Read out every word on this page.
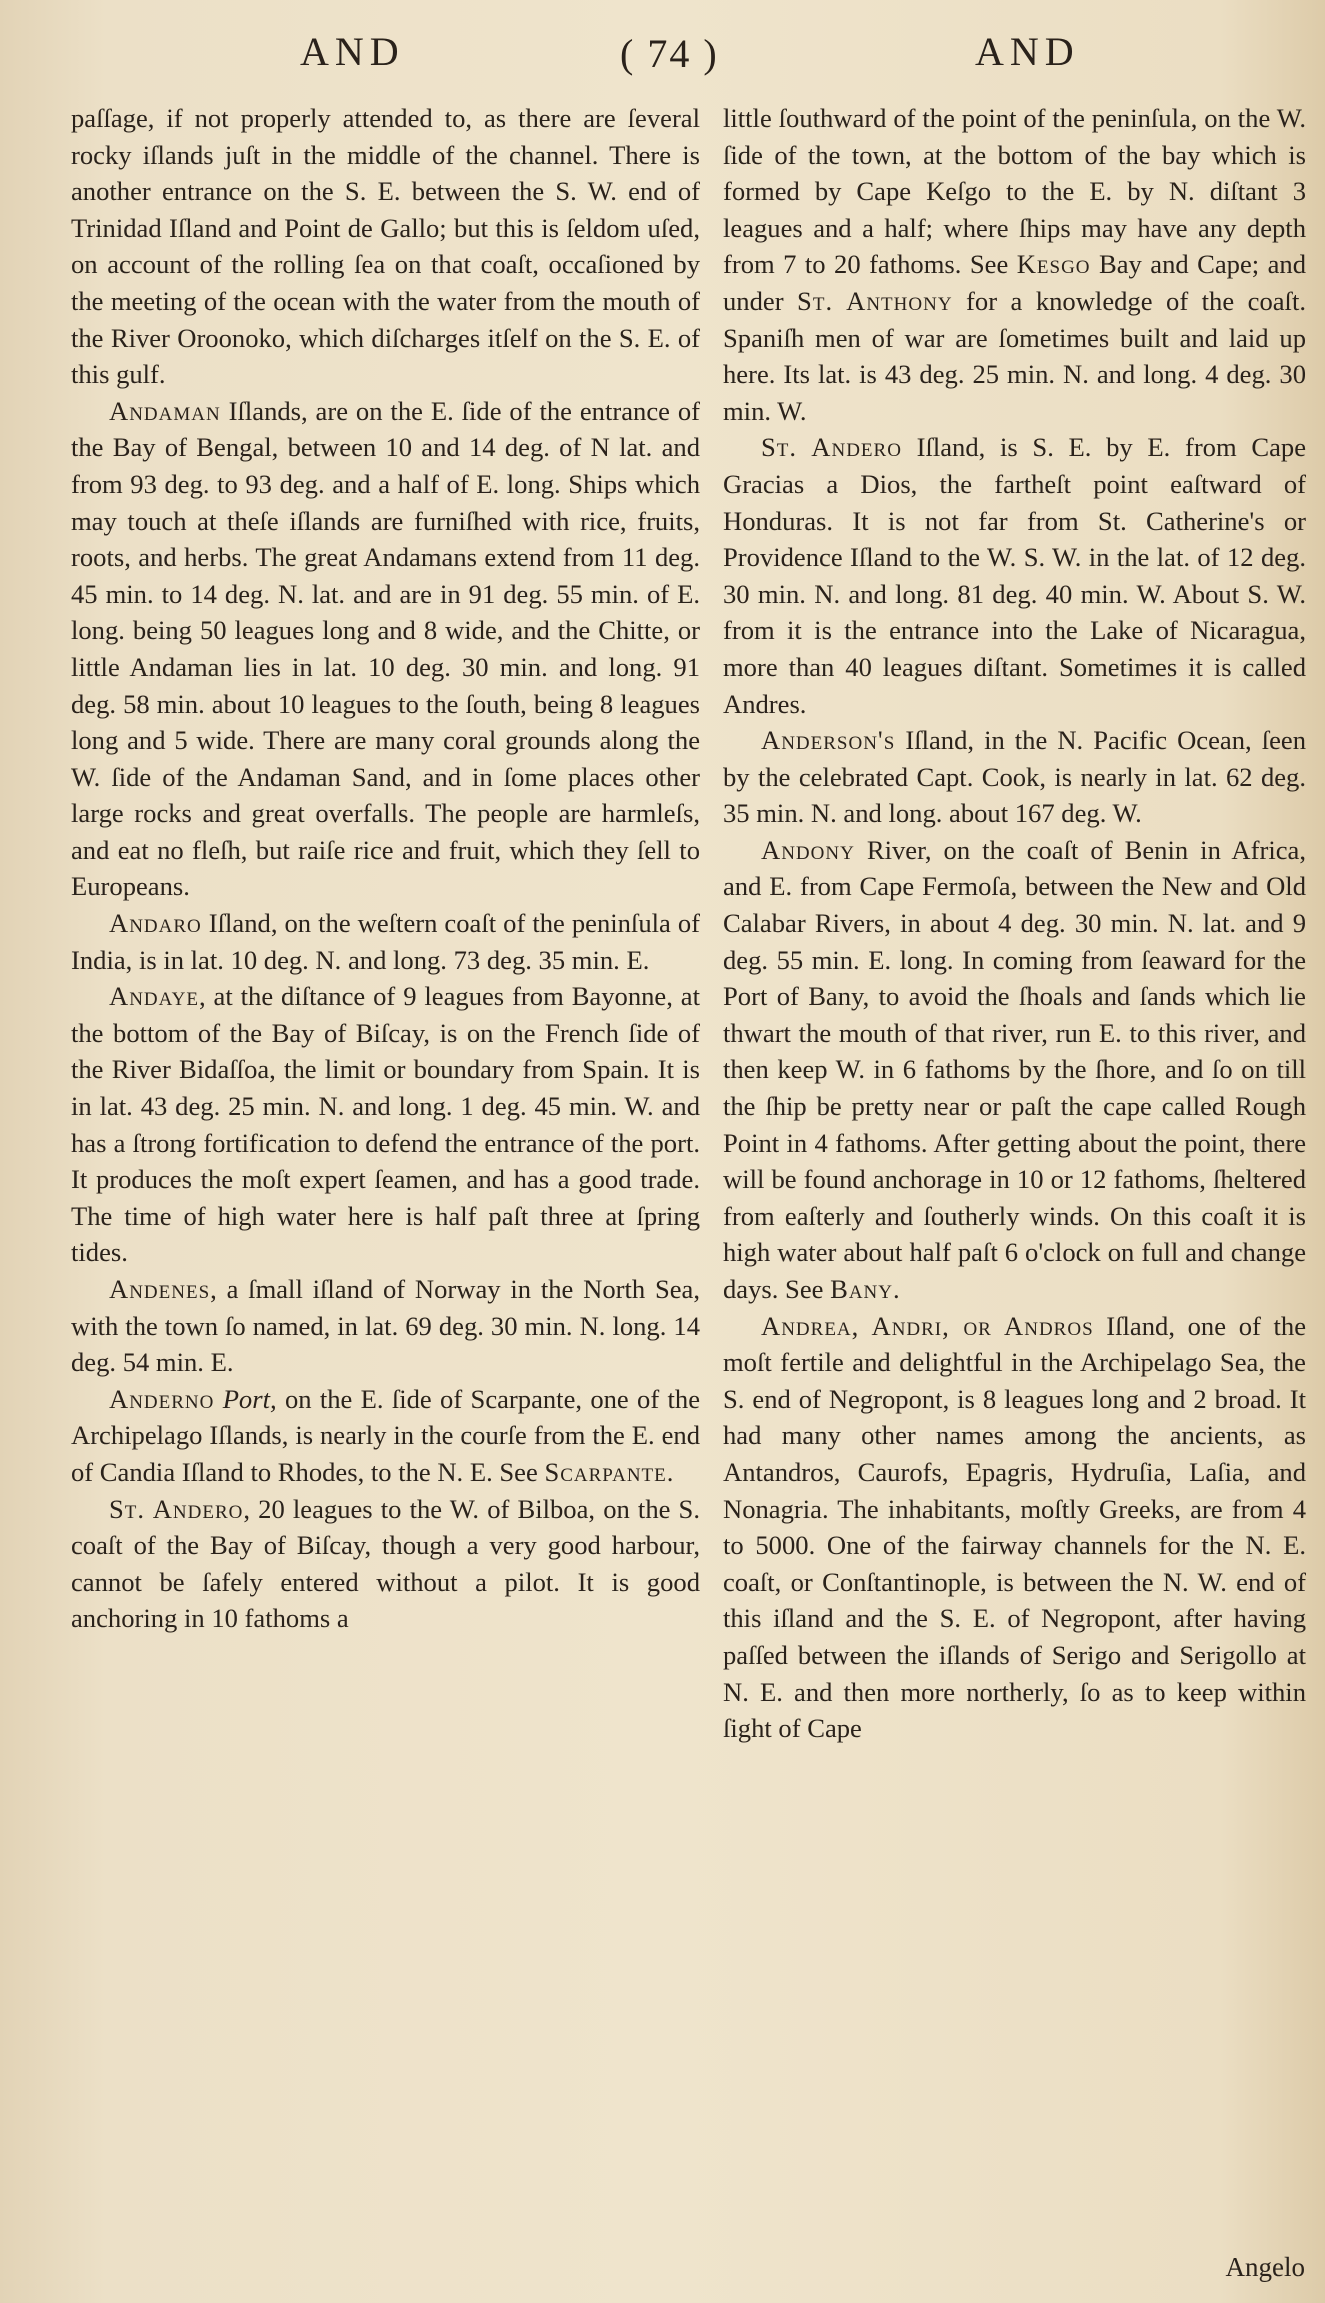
AND	( 74 )	AND

paſſage, if not properly attended to, as there are ſeveral rocky iſlands juſt in the middle of the channel. There is another entrance on the S. E. between the S. W. end of Trinidad Iſland and Point de Gallo; but this is ſeldom uſed, on account of the rolling ſea on that coaſt, occaſioned by the meeting of the ocean with the water from the mouth of the River Oroonoko, which diſcharges itſelf on the S. E. of this gulf.

Andaman Iſlands, are on the E. ſide of the entrance of the Bay of Bengal, between 10 and 14 deg. of N lat. and from 93 deg. to 93 deg. and a half of E. long. Ships which may touch at theſe iſlands are furniſhed with rice, fruits, roots, and herbs. The great Andamans extend from 11 deg. 45 min. to 14 deg. N. lat. and are in 91 deg. 55 min. of E. long. being 50 leagues long and 8 wide, and the Chitte, or little Andaman lies in lat. 10 deg. 30 min. and long. 91 deg. 58 min. about 10 leagues to the ſouth, being 8 leagues long and 5 wide. There are many coral grounds along the W. ſide of the Andaman Sand, and in ſome places other large rocks and great overfalls. The people are harmleſs, and eat no fleſh, but raiſe rice and fruit, which they ſell to Europeans.

Andaro Iſland, on the weſtern coaſt of the peninſula of India, is in lat. 10 deg. N. and long. 73 deg. 35 min. E.

Andaye, at the diſtance of 9 leagues from Bayonne, at the bottom of the Bay of Biſcay, is on the French ſide of the River Bidaſſoa, the limit or boundary from Spain. It is in lat. 43 deg. 25 min. N. and long. 1 deg. 45 min. W. and has a ſtrong fortification to defend the entrance of the port. It produces the moſt expert ſeamen, and has a good trade. The time of high water here is half paſt three at ſpring tides.

Andenes, a ſmall iſland of Norway in the North Sea, with the town ſo named, in lat. 69 deg. 30 min. N. long. 14 deg. 54 min. E.

Anderno Port, on the E. ſide of Scarpante, one of the Archipelago Iſlands, is nearly in the courſe from the E. end of Candia Iſland to Rhodes, to the N. E. See Scarpante.

St. Andero, 20 leagues to the W. of Bilboa, on the S. coaſt of the Bay of Biſcay, though a very good harbour, cannot be ſafely entered without a pilot. It is good anchoring in 10 fathoms a

little ſouthward of the point of the peninſula, on the W. ſide of the town, at the bottom of the bay which is formed by Cape Keſgo to the E. by N. diſtant 3 leagues and a half; where ſhips may have any depth from 7 to 20 fathoms. See Kesgo Bay and Cape; and under St. Anthony for a knowledge of the coaſt. Spaniſh men of war are ſometimes built and laid up here. Its lat. is 43 deg. 25 min. N. and long. 4 deg. 30 min. W.

St. Andero Iſland, is S. E. by E. from Cape Gracias a Dios, the fartheſt point eaſtward of Honduras. It is not far from St. Catherine's or Providence Iſland to the W. S. W. in the lat. of 12 deg. 30 min. N. and long. 81 deg. 40 min. W. About S. W. from it is the entrance into the Lake of Nicaragua, more than 40 leagues diſtant. Sometimes it is called Andres.

Anderson's Iſland, in the N. Pacific Ocean, ſeen by the celebrated Capt. Cook, is nearly in lat. 62 deg. 35 min. N. and long. about 167 deg. W.

Andony River, on the coaſt of Benin in Africa, and E. from Cape Fermoſa, between the New and Old Calabar Rivers, in about 4 deg. 30 min. N. lat. and 9 deg. 55 min. E. long. In coming from ſeaward for the Port of Bany, to avoid the ſhoals and ſands which lie thwart the mouth of that river, run E. to this river, and then keep W. in 6 fathoms by the ſhore, and ſo on till the ſhip be pretty near or paſt the cape called Rough Point in 4 fathoms. After getting about the point, there will be found anchorage in 10 or 12 fathoms, ſheltered from eaſterly and ſoutherly winds. On this coaſt it is high water about half paſt 6 o'clock on full and change days. See Bany.

Andrea, Andri, or Andros Iſland, one of the moſt fertile and delightful in the Archipelago Sea, the S. end of Negropont, is 8 leagues long and 2 broad. It had many other names among the ancients, as Antandros, Caurofs, Epagris, Hydruſia, Laſia, and Nonagria. The inhabitants, moſtly Greeks, are from 4 to 5000. One of the fairway channels for the N. E. coaſt, or Conſtantinople, is between the N. W. end of this iſland and the S. E. of Negropont, after having paſſed between the iſlands of Serigo and Serigollo at N. E. and then more northerly, ſo as to keep within ſight of Cape

Angelo
